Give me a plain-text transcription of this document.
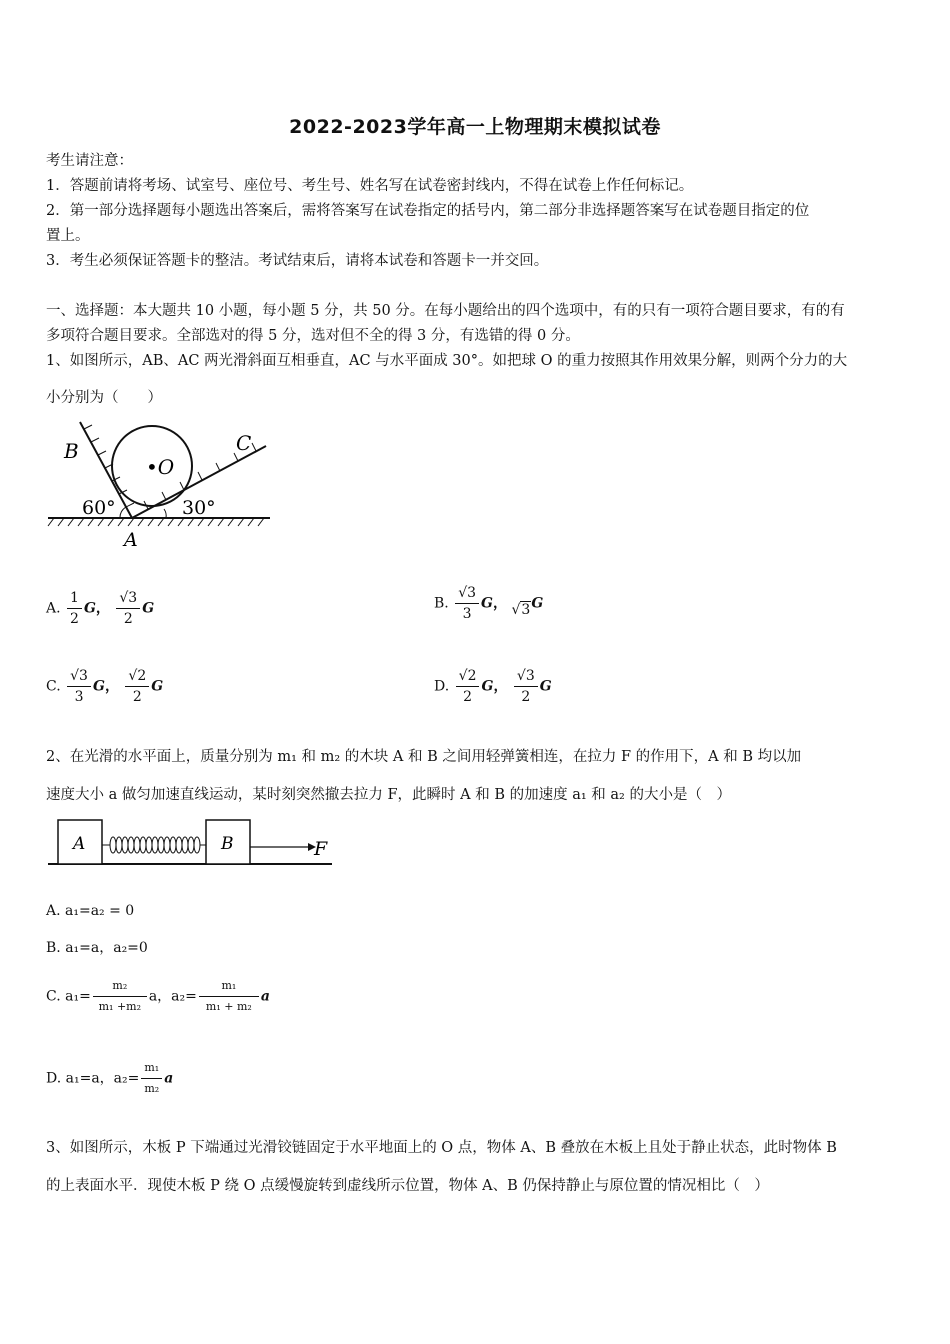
2022-2023学年高一上物理期末模拟试卷
考生请注意：
1．答题前请将考场、试室号、座位号、考生号、姓名写在试卷密封线内，不得在试卷上作任何标记。
2．第一部分选择题每小题选出答案后，需将答案写在试卷指定的括号内，第二部分非选择题答案写在试卷题目指定的位
置上。
3．考生必须保证答题卡的整洁。考试结束后，请将本试卷和答题卡一并交回。
一、选择题：本大题共 10 小题，每小题 5 分，共 50 分。在每小题给出的四个选项中，有的只有一项符合题目要求，有的有
多项符合题目要求。全部选对的得 5 分，选对但不全的得 3 分，有选错的得 0 分。
1、如图所示，AB、AC 两光滑斜面互相垂直，AC 与水平面成 30°。如把球 O 的重力按照其作用效果分解，则两个分力的大
小分别为（　　）
B	C
•O
60°	30°
A
A. $\frac{1}{2}$ G， $\frac{√3}{2}$ G	B. $\frac{√3}{3}$ G， √3G
C. $\frac{√3}{3}$ G， $\frac{√2}{2}$ G	D. $\frac{√2}{2}$ G， $\frac{√3}{2}$ G
2、在光滑的水平面上，质量分别为 m₁ 和 m₂ 的木块 A 和 B 之间用轻弹簧相连，在拉力 F 的作用下，A 和 B 均以加
速度大小 a 做匀加速直线运动，某时刻突然撤去拉力 F，此瞬时 A 和 B 的加速度 a₁ 和 a₂ 的大小是（　）
A	B	F
A. a₁=a₂ = 0
B. a₁=a，a₂=0
C. $a_1= \frac{\text{m₂}}{\text{m₁ +m₂}}$ a，$a_2= \frac{\text{m₁}}{\text{m₁ + m₂}}$ a
D. a₁=a，$a_2= \frac{\text{m₁}}{\text{m₂}}$ a
3、如图所示，木板 P 下端通过光滑铰链固定于水平地面上的 O 点，物体 A、B 叠放在木板上且处于静止状态，此时物体 B
的上表面水平．现使木板 P 绕 O 点缓慢旋转到虚线所示位置，物体 A、B 仍保持静止与原位置的情况相比（　）
